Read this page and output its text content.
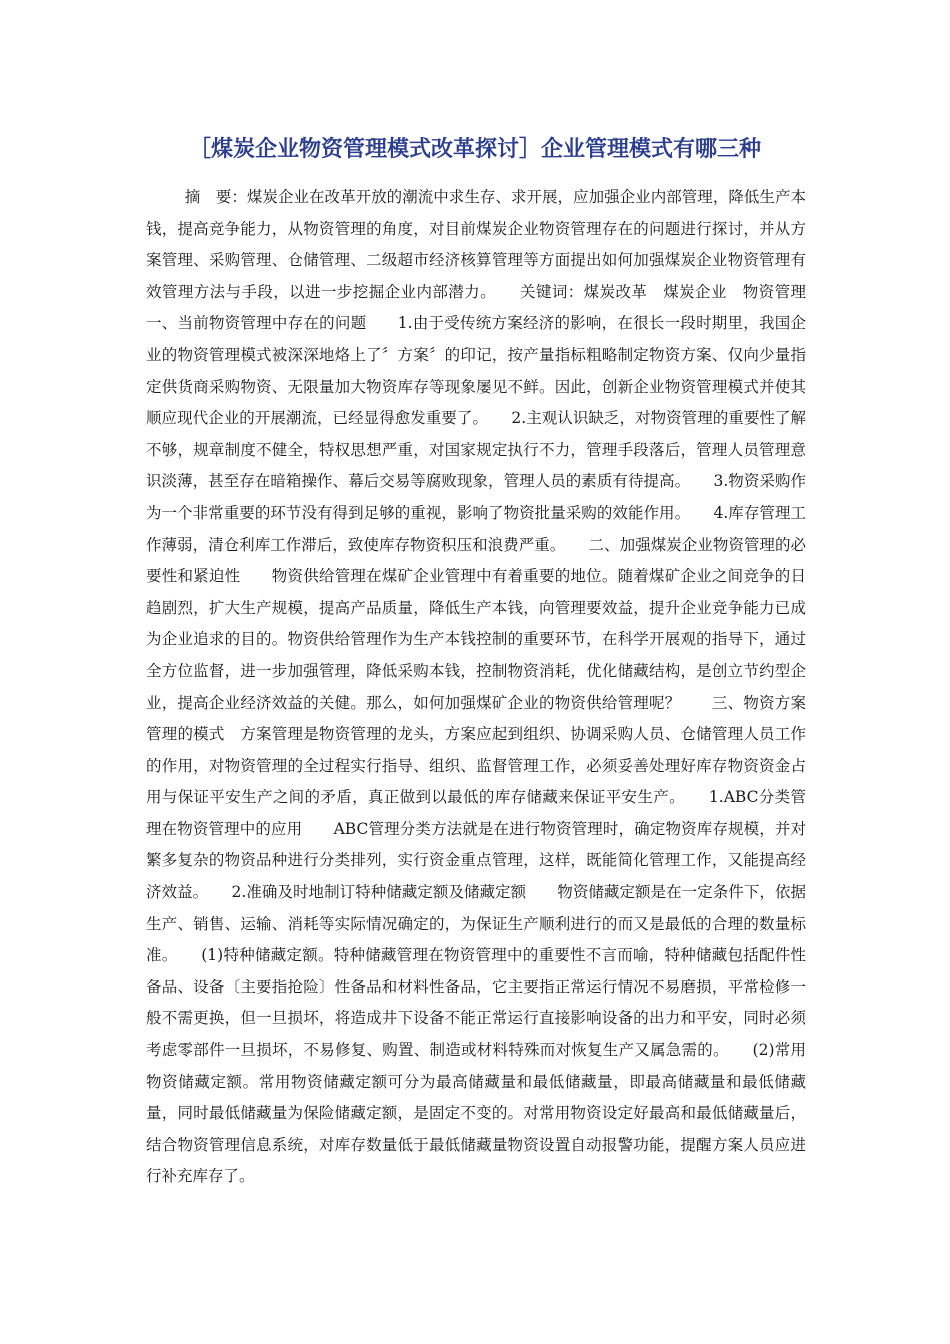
［煤炭企业物资管理模式改革探讨］企业管理模式有哪三种

摘　要：煤炭企业在改革开放的潮流中求生存、求开展，应加强企业内部管理，降低生产本钱，提高竞争能力，从物资管理的角度，对目前煤炭企业物资管理存在的问题进行探讨，并从方案管理、采购管理、仓储管理、二级超市经济核算管理等方面提出如何加强煤炭企业物资管理有效管理方法与手段，以进一步挖掘企业内部潜力。　　关键词：煤炭改革　煤炭企业　物资管理　　一、当前物资管理中存在的问题　　1.由于受传统方案经济的影响，在很长一段时期里，我国企业的物资管理模式被深深地烙上了〞方案〞的印记，按产量指标粗略制定物资方案、仅向少量指定供货商采购物资、无限量加大物资库存等现象屡见不鲜。因此，创新企业物资管理模式并使其顺应现代企业的开展潮流，已经显得愈发重要了。　　2.主观认识缺乏，对物资管理的重要性了解不够，规章制度不健全，特权思想严重，对国家规定执行不力，管理手段落后，管理人员管理意识淡薄，甚至存在暗箱操作、幕后交易等腐败现象，管理人员的素质有待提高。　　3.物资采购作为一个非常重要的环节没有得到足够的重视，影响了物资批量采购的效能作用。　　4.库存管理工作薄弱，清仓利库工作滞后，致使库存物资积压和浪费严重。　　二、加强煤炭企业物资管理的必要性和紧迫性　　物资供给管理在煤矿企业管理中有着重要的地位。随着煤矿企业之间竞争的日趋剧烈，扩大生产规模，提高产品质量，降低生产本钱，向管理要效益，提升企业竞争能力已成为企业追求的目的。物资供给管理作为生产本钱控制的重要环节，在科学开展观的指导下，通过全方位监督，进一步加强管理，降低采购本钱，控制物资消耗，优化储藏结构，是创立节约型企业，提高企业经济效益的关健。那么，如何加强煤矿企业的物资供给管理呢？　　三、物资方案管理的模式　方案管理是物资管理的龙头，方案应起到组织、协调采购人员、仓储管理人员工作的作用，对物资管理的全过程实行指导、组织、监督管理工作，必须妥善处理好库存物资资金占用与保证平安生产之间的矛盾，真正做到以最低的库存储藏来保证平安生产。　　1.ABC分类管理在物资管理中的应用　　ABC管理分类方法就是在进行物资管理时，确定物资库存规模，并对繁多复杂的物资品种进行分类排列，实行资金重点管理，这样，既能简化管理工作，又能提高经济效益。　　2.准确及时地制订特种储藏定额及储藏定额　　物资储藏定额是在一定条件下，依据生产、销售、运输、消耗等实际情况确定的，为保证生产顺利进行的而又是最低的合理的数量标准。　　(1)特种储藏定额。特种储藏管理在物资管理中的重要性不言而喻，特种储藏包括配件性备品、设备〔主要指抢险〕性备品和材料性备品，它主要指正常运行情况不易磨损，平常检修一般不需更换，但一旦损坏，将造成井下设备不能正常运行直接影响设备的出力和平安，同时必须考虑零部件一旦损坏，不易修复、购置、制造或材料特殊而对恢复生产又属急需的。　　(2)常用物资储藏定额。常用物资储藏定额可分为最高储藏量和最低储藏量，即最高储藏量和最低储藏量，同时最低储藏量为保险储藏定额，是固定不变的。对常用物资设定好最高和最低储藏量后，结合物资管理信息系统，对库存数量低于最低储藏量物资设置自动报警功能，提醒方案人员应进行补充库存了。
